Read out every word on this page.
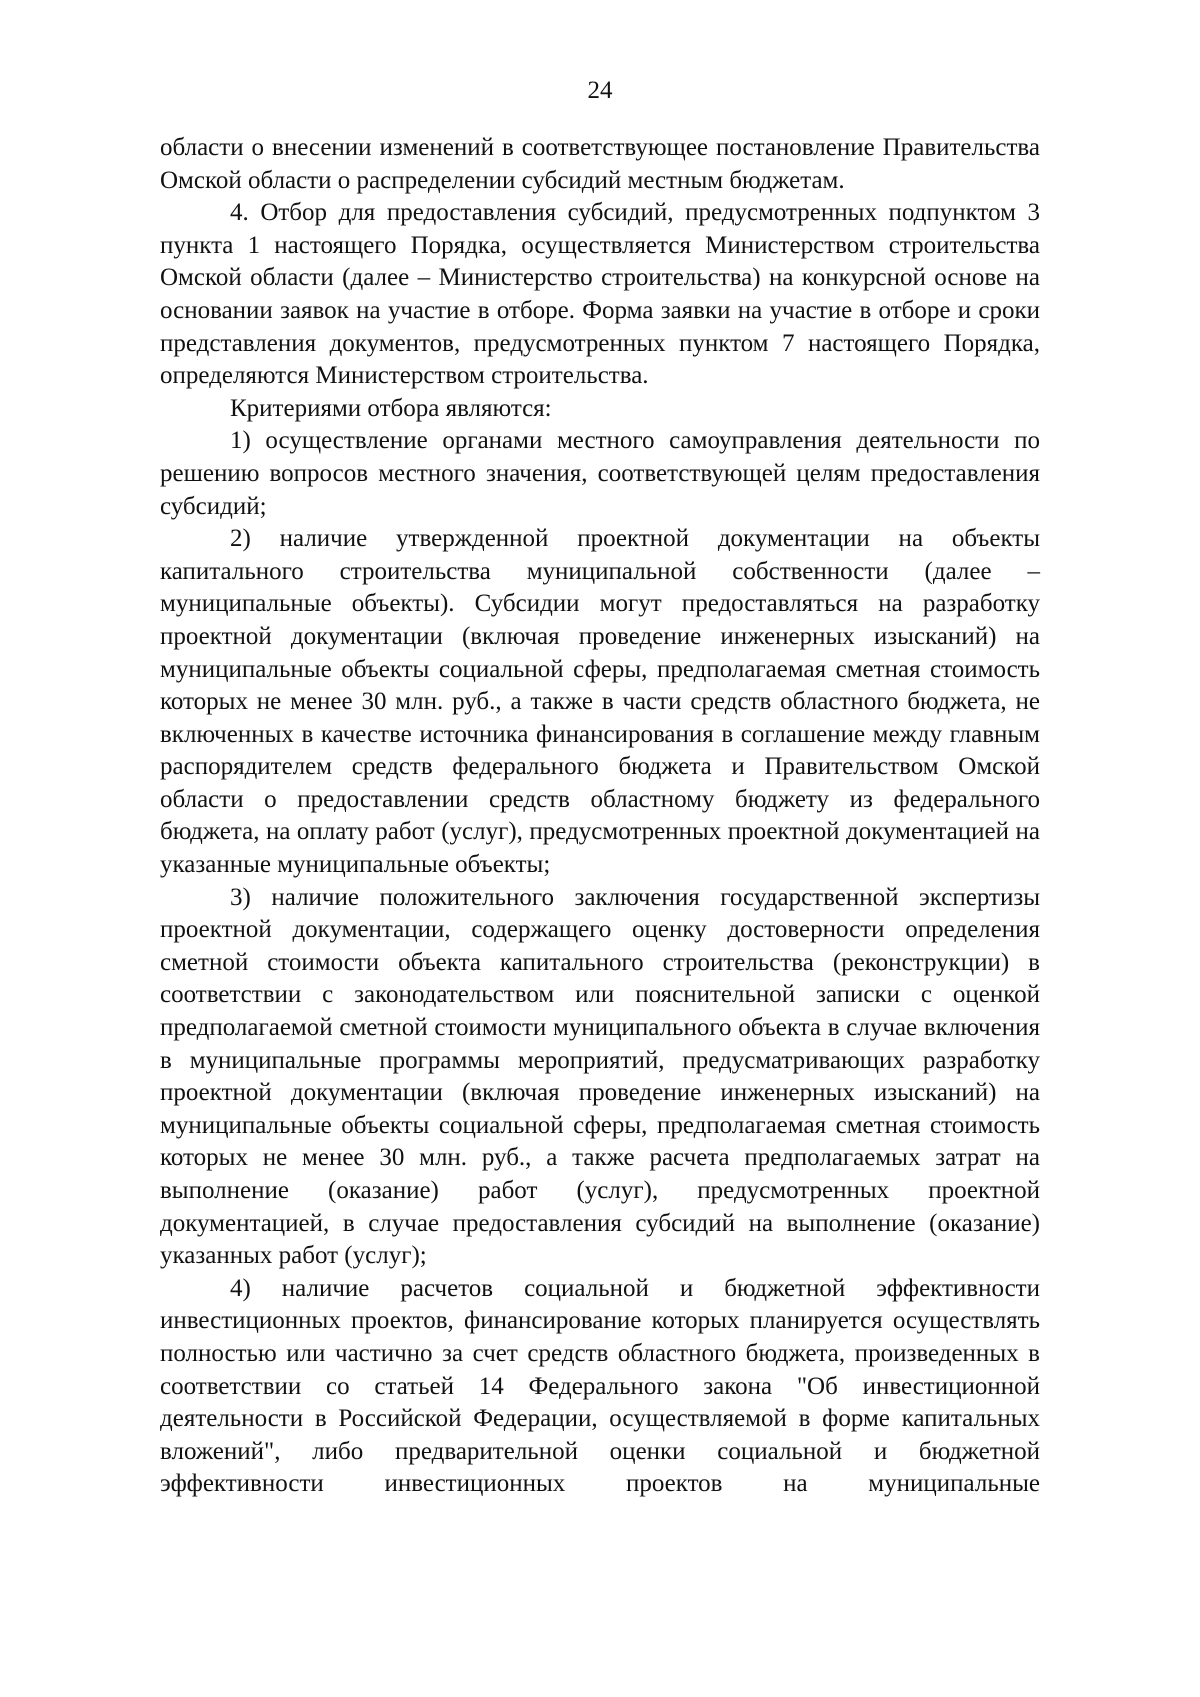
24

области о внесении изменений в соответствующее постановление Правительства Омской области о распределении субсидий местным бюджетам.

4. Отбор для предоставления субсидий, предусмотренных подпунктом 3 пункта 1 настоящего Порядка, осуществляется Министерством строительства Омской области (далее – Министерство строительства) на конкурсной основе на основании заявок на участие в отборе. Форма заявки на участие в отборе и сроки представления документов, предусмотренных пунктом 7 настоящего Порядка, определяются Министерством строительства.

Критериями отбора являются:

1) осуществление органами местного самоуправления деятельности по решению вопросов местного значения, соответствующей целям предоставления субсидий;

2) наличие утвержденной проектной документации на объекты капитального строительства муниципальной собственности (далее – муниципальные объекты). Субсидии могут предоставляться на разработку проектной документации (включая проведение инженерных изысканий) на муниципальные объекты социальной сферы, предполагаемая сметная стоимость которых не менее 30 млн. руб., а также в части средств областного бюджета, не включенных в качестве источника финансирования в соглашение между главным распорядителем средств федерального бюджета и Правительством Омской области о предоставлении средств областному бюджету из федерального бюджета, на оплату работ (услуг), предусмотренных проектной документацией на указанные муниципальные объекты;

3) наличие положительного заключения государственной экспертизы проектной документации, содержащего оценку достоверности определения сметной стоимости объекта капитального строительства (реконструкции) в соответствии с законодательством или пояснительной записки с оценкой предполагаемой сметной стоимости муниципального объекта в случае включения в муниципальные программы мероприятий, предусматривающих разработку проектной документации (включая проведение инженерных изысканий) на муниципальные объекты социальной сферы, предполагаемая сметная стоимость которых не менее 30 млн. руб., а также расчета предполагаемых затрат на выполнение (оказание) работ (услуг), предусмотренных проектной документацией, в случае предоставления субсидий на выполнение (оказание) указанных работ (услуг);

4) наличие расчетов социальной и бюджетной эффективности инвестиционных проектов, финансирование которых планируется осуществлять полностью или частично за счет средств областного бюджета, произведенных в соответствии со статьей 14 Федерального закона "Об инвестиционной деятельности в Российской Федерации, осуществляемой в форме капитальных вложений", либо предварительной оценки социальной и бюджетной эффективности инвестиционных проектов на муниципальные
